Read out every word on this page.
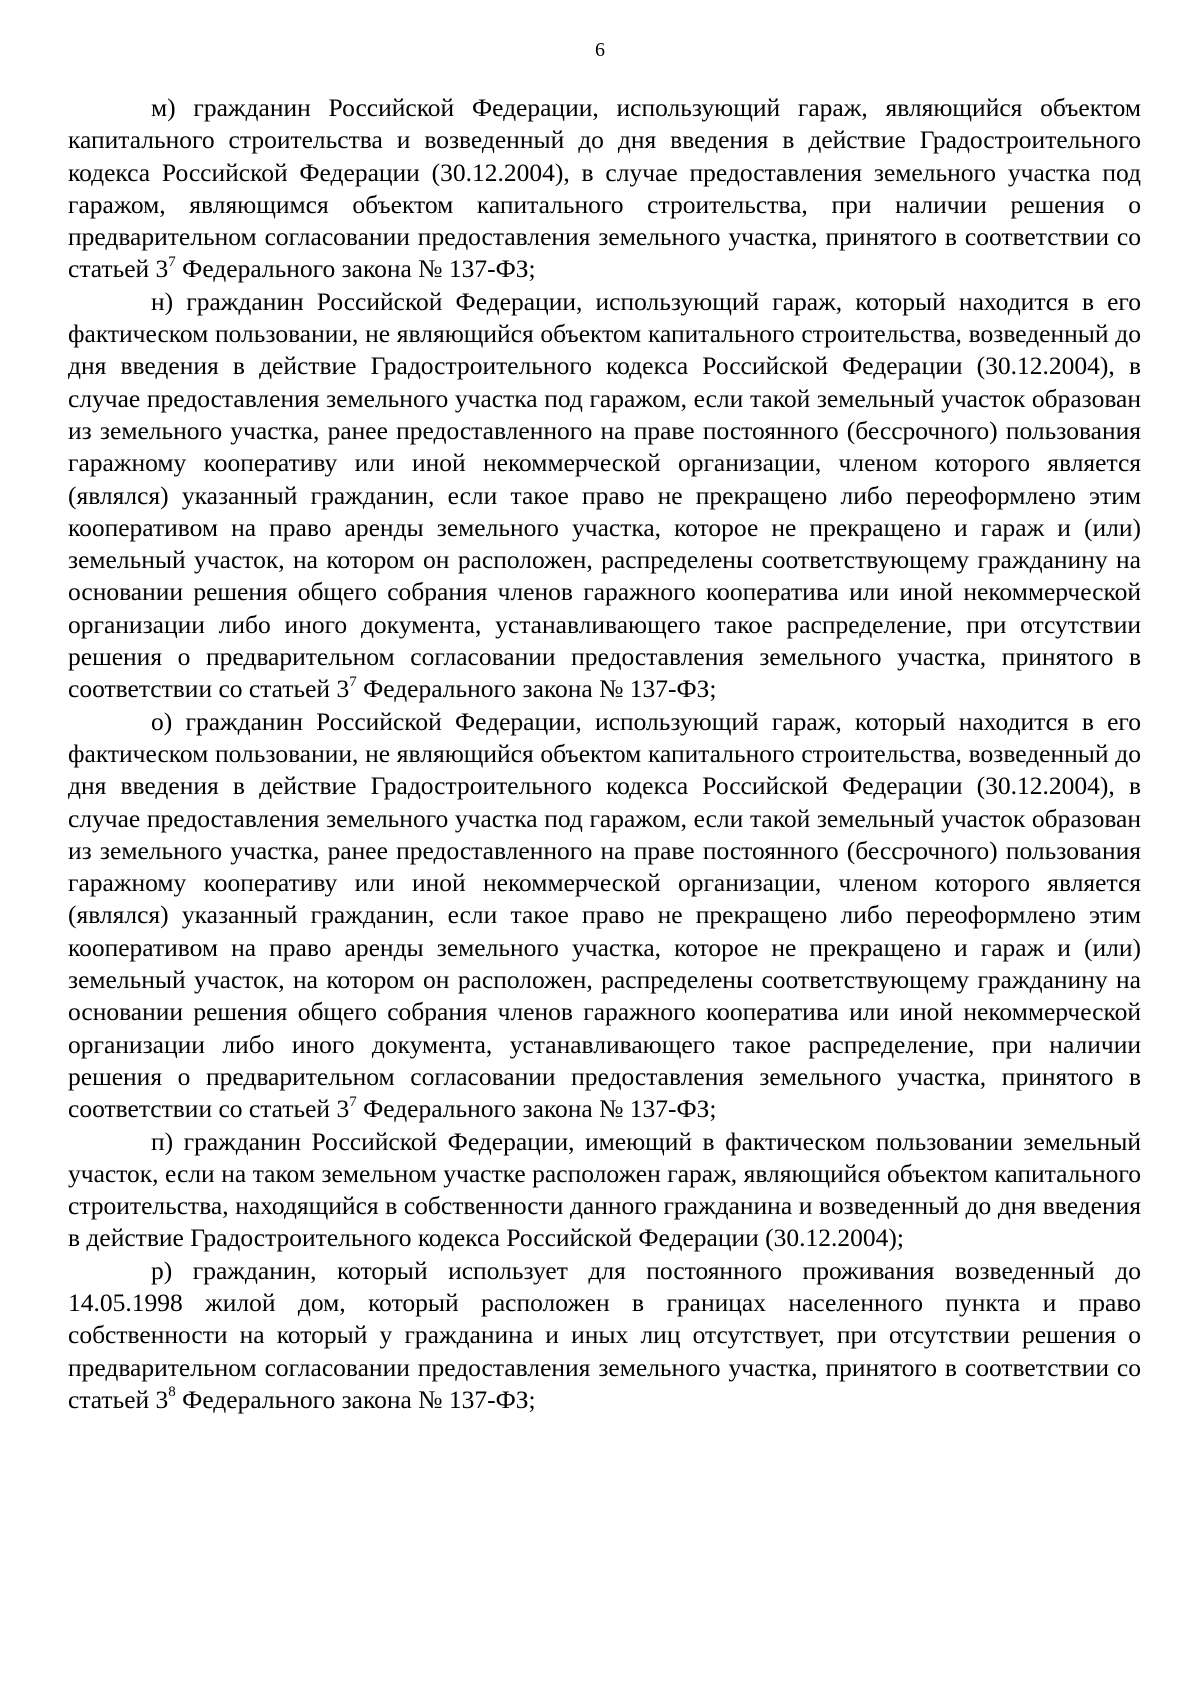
6

м) гражданин Российской Федерации, использующий гараж, являющийся объектом капитального строительства и возведенный до дня введения в действие Градостроительного кодекса Российской Федерации (30.12.2004), в случае предоставления земельного участка под гаражом, являющимся объектом капитального строительства, при наличии решения о предварительном согласовании предоставления земельного участка, принятого в соответствии со статьей $3^7$ Федерального закона № 137-ФЗ;

н) гражданин Российской Федерации, использующий гараж, который находится в его фактическом пользовании, не являющийся объектом капитального строительства, возведенный до дня введения в действие Градостроительного кодекса Российской Федерации (30.12.2004), в случае предоставления земельного участка под гаражом, если такой земельный участок образован из земельного участка, ранее предоставленного на праве постоянного (бессрочного) пользования гаражному кооперативу или иной некоммерческой организации, членом которого является (являлся) указанный гражданин, если такое право не прекращено либо переоформлено этим кооперативом на право аренды земельного участка, которое не прекращено и гараж и (или) земельный участок, на котором он расположен, распределены соответствующему гражданину на основании решения общего собрания членов гаражного кооператива или иной некоммерческой организации либо иного документа, устанавливающего такое распределение, при отсутствии решения о предварительном согласовании предоставления земельного участка, принятого в соответствии со статьей $3^7$ Федерального закона № 137-ФЗ;

о) гражданин Российской Федерации, использующий гараж, который находится в его фактическом пользовании, не являющийся объектом капитального строительства, возведенный до дня введения в действие Градостроительного кодекса Российской Федерации (30.12.2004), в случае предоставления земельного участка под гаражом, если такой земельный участок образован из земельного участка, ранее предоставленного на праве постоянного (бессрочного) пользования гаражному кооперативу или иной некоммерческой организации, членом которого является (являлся) указанный гражданин, если такое право не прекращено либо переоформлено этим кооперативом на право аренды земельного участка, которое не прекращено и гараж и (или) земельный участок, на котором он расположен, распределены соответствующему гражданину на основании решения общего собрания членов гаражного кооператива или иной некоммерческой организации либо иного документа, устанавливающего такое распределение, при наличии решения о предварительном согласовании предоставления земельного участка, принятого в соответствии со статьей $3^7$ Федерального закона № 137-ФЗ;

п) гражданин Российской Федерации, имеющий в фактическом пользовании земельный участок, если на таком земельном участке расположен гараж, являющийся объектом капитального строительства, находящийся в собственности данного гражданина и возведенный до дня введения в действие Градостроительного кодекса Российской Федерации (30.12.2004);

р) гражданин, который использует для постоянного проживания возведенный до 14.05.1998 жилой дом, который расположен в границах населенного пункта и право собственности на который у гражданина и иных лиц отсутствует, при отсутствии решения о предварительном согласовании предоставления земельного участка, принятого в соответствии со статьей $3^8$ Федерального закона № 137-ФЗ;
